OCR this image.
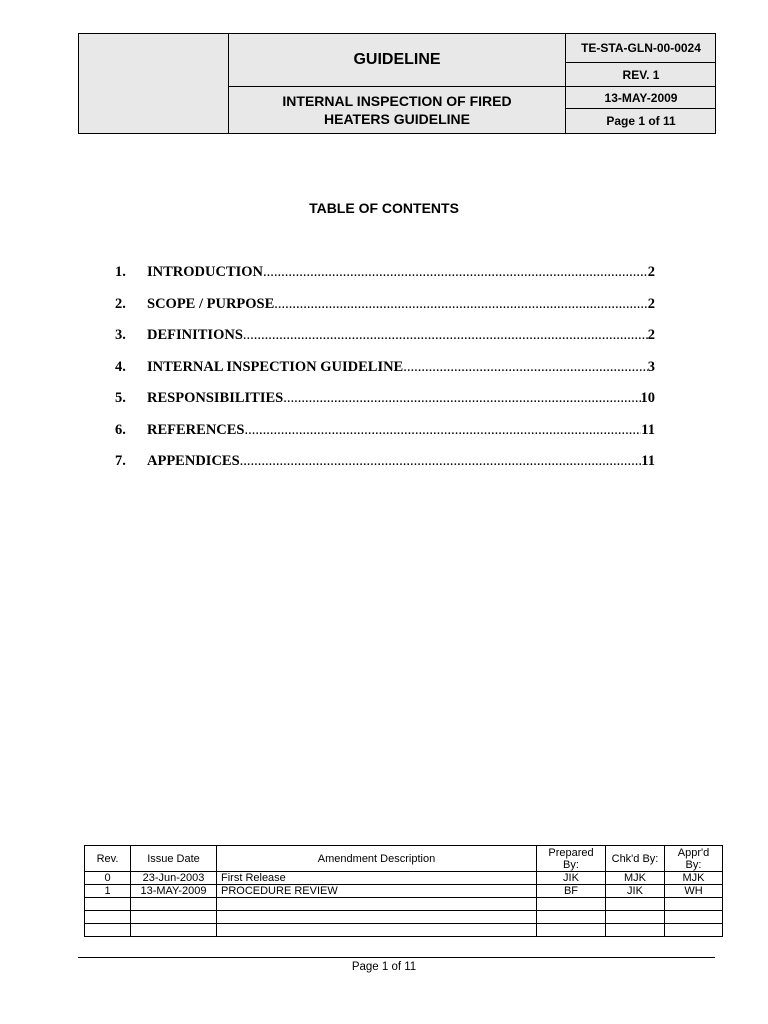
GUIDELINE
INTERNAL INSPECTION OF FIRED
HEATERS GUIDELINE
TE-STA-GLN-00-0024
REV. 1
13-MAY-2009
Page 1 of 11
TABLE OF CONTENTS
1.	INTRODUCTION .....	2
2.	SCOPE / PURPOSE .....	2
3.	DEFINITIONS .....	2
4.	INTERNAL INSPECTION GUIDELINE .....	3
5.	RESPONSIBILITIES .....	10
6.	REFERENCES .....	11
7.	APPENDICES .....	11
Rev.	Issue Date	Amendment Description	Prepared By:	Chk'd By:	Appr'd By:
0	23-Jun-2003	First Release	JIK	MJK	MJK
1	13-MAY-2009	PROCEDURE REVIEW	BF	JIK	WH

Page 1 of 11
